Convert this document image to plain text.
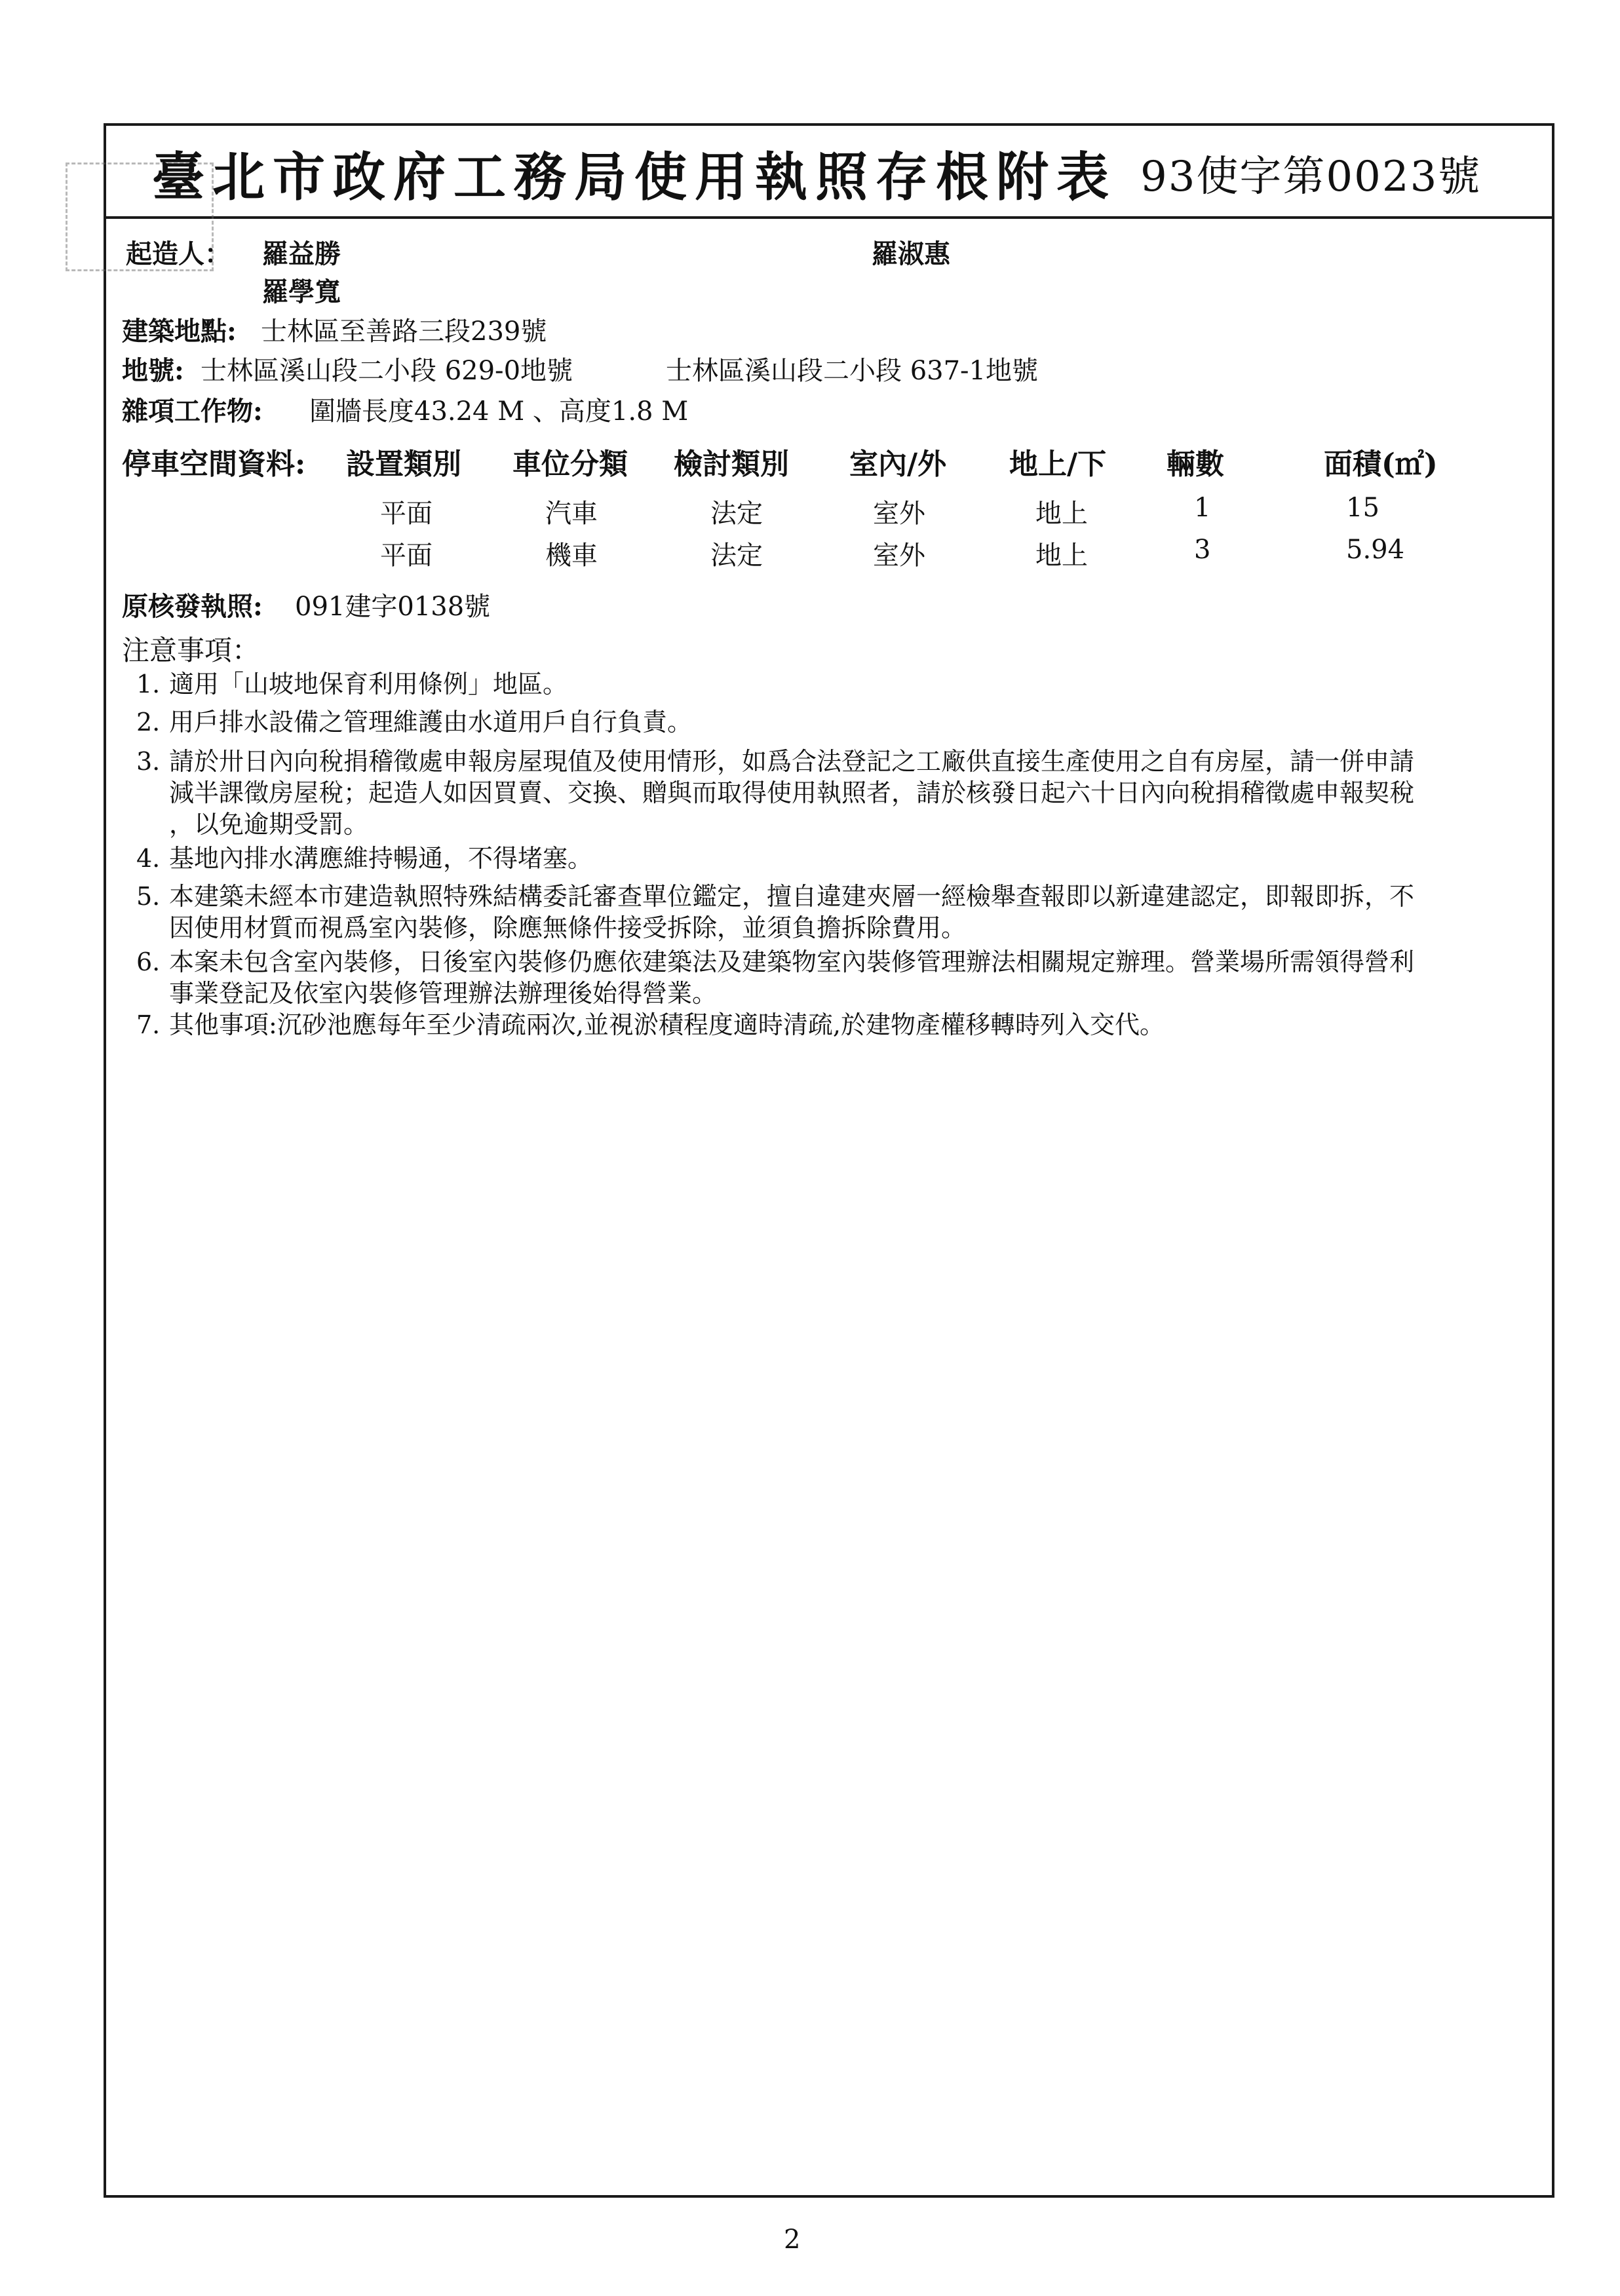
臺北市政府工務局使用執照存根附表 93使字第0023號
起造人： 羅益勝
羅學寬
羅淑惠
建築地點: 士林區至善路三段239號
地號: 士林區溪山段二小段 629-0地號	士林區溪山段二小段 637-1地號
雜項工作物: 圍牆長度43.24 M 、高度1.8 M
停車空間資料: 設置類別 車位分類 檢討類別 室內/外 地上/下 輛數	面積(㎡)
平面	汽車	法定	室外	地上	1	15
平面	機車	法定	室外	地上	3	5.94
原核發執照: 091建字0138號
注意事項：
1. 適用「山坡地保育利用條例」地區。
2. 用戶排水設備之管理維護由水道用戶自行負責。
3. 請於卅日內向稅捐稽徵處申報房屋現值及使用情形，如爲合法登記之工廠供直接生產使用之自有房屋，請一併申請
減半課徵房屋稅；起造人如因買賣、交換、贈與而取得使用執照者，請於核發日起六十日內向稅捐稽徵處申報契稅
，以免逾期受罰。
4. 基地內排水溝應維持暢通，不得堵塞。
5. 本建築未經本市建造執照特殊結構委託審查單位鑑定，擅自違建夾層一經檢舉查報即以新違建認定，即報即拆，不
因使用材質而視爲室內裝修，除應無條件接受拆除，並須負擔拆除費用。
6. 本案未包含室內裝修，日後室內裝修仍應依建築法及建築物室內裝修管理辦法相關規定辦理。營業場所需領得營利
事業登記及依室內裝修管理辦法辦理後始得營業。
7. 其他事項:沉砂池應每年至少清疏兩次,並視淤積程度適時清疏,於建物產權移轉時列入交代。
2
